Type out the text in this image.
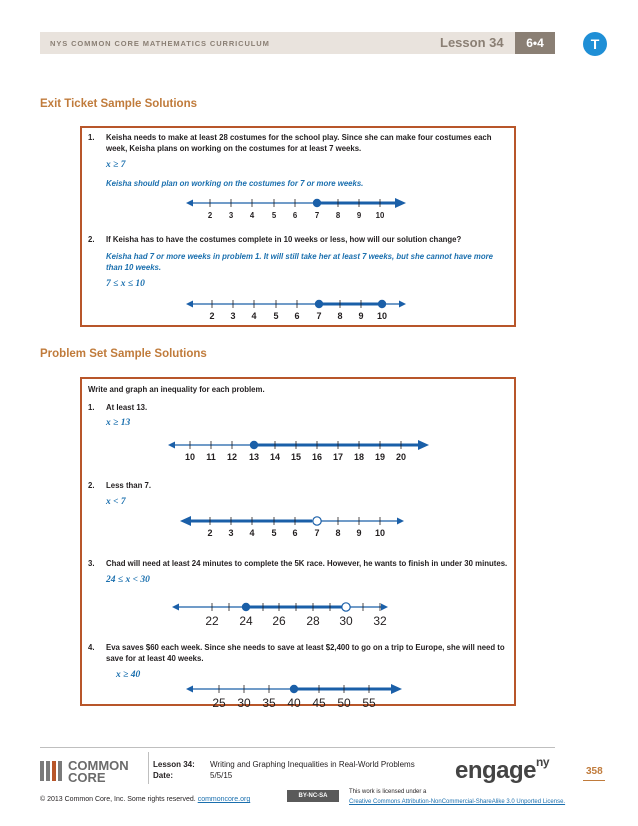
NYS COMMON CORE MATHEMATICS CURRICULUM	Lesson 34	6•4	T
Exit Ticket Sample Solutions
1. Keisha needs to make at least 28 costumes for the school play. Since she can make four costumes each week, Keisha plans on working on the costumes for at least 7 weeks.
x ≥ 7
Keisha should plan on working on the costumes for 7 or more weeks.
2 3 4 5 6 7 8 9 10
2. If Keisha has to have the costumes complete in 10 weeks or less, how will our solution change?
Keisha had 7 or more weeks in problem 1. It will still take her at least 7 weeks, but she cannot have more than 10 weeks.
7 ≤ x ≤ 10
2 3 4 5 6 7 8 9 10
Problem Set Sample Solutions
Write and graph an inequality for each problem.
1. At least 13.
x ≥ 13
10 11 12 13 14 15 16 17 18 19 20
2. Less than 7.
x < 7
2 3 4 5 6 7 8 9 10
3. Chad will need at least 24 minutes to complete the 5K race. However, he wants to finish in under 30 minutes.
24 ≤ x < 30
22 24 26 28 30 32
4. Eva saves $60 each week. Since she needs to save at least $2,400 to go on a trip to Europe, she will need to save for at least 40 weeks.
x ≥ 40
25 30 35 40 45 50 55
COMMON
CORE
Lesson 34: Writing and Graphing Inequalities in Real-World Problems
Date:	5/5/15	engage$^{ny}$
358
© 2013 Common Core, Inc. Some rights reserved. commoncore.org	BY-NC-SA
This work is licensed under a
Creative Commons Attribution-NonCommercial-ShareAlike 3.0 Unported License.
